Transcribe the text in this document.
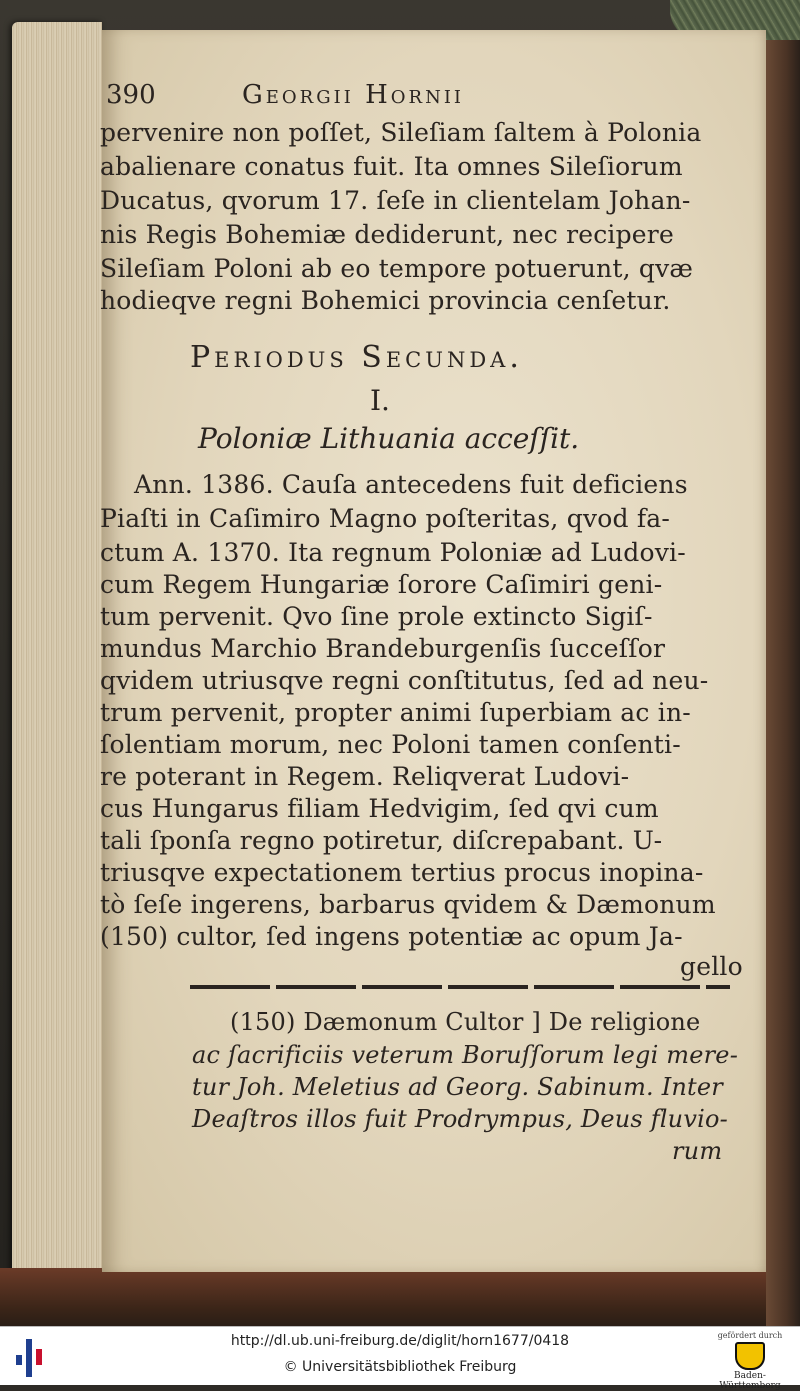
390	Georgii Hornii
pervenire non poſſet, Sileſiam ſaltem à Polonia
abalienare conatus fuit. Ita omnes Sileſiorum
Ducatus, qvorum 17. ſeſe in clientelam Johan-
nis Regis Bohemiæ dediderunt, nec recipere
Sileſiam Poloni ab eo tempore potuerunt, qvæ
hodieqve regni Bohemici provincia cenſetur.
Periodus Secunda.
I.
Poloniæ Lithuania acceſſit.
Ann. 1386. Cauſa antecedens fuit deficiens
Piaſti in Caſimiro Magno poſteritas, qvod fa-
ctum A. 1370. Ita regnum Poloniæ ad Ludovi-
cum Regem Hungariæ ſorore Caſimiri geni-
tum pervenit. Qvo ſine prole extincto Sigiſ-
mundus Marchio Brandeburgenſis ſucceſſor
qvidem utriusqve regni conſtitutus, ſed ad neu-
trum pervenit, propter animi ſuperbiam ac in-
ſolentiam morum, nec Poloni tamen conſenti-
re poterant in Regem. Reliqverat Ludovi-
cus Hungarus filiam Hedvigim, ſed qvi cum
tali ſponſa regno potiretur, diſcrepabant. U-
triusqve expectationem tertius procus inopina-
tò ſeſe ingerens, barbarus qvidem & Dæmonum
(150) cultor, ſed ingens potentiæ ac opum Ja-
gello
(150) Dæmonum Cultor ] De religione
ac ſacrificiis veterum Boruſſorum legi mere-
tur Joh. Meletius ad Georg. Sabinum. Inter
Deaſtros illos fuit Prodrympus, Deus fluvio-
rum
http://dl.ub.uni-freiburg.de/diglit/horn1677/0418
© Universitätsbibliothek Freiburg
gefördert durch
Baden-Württemberg
